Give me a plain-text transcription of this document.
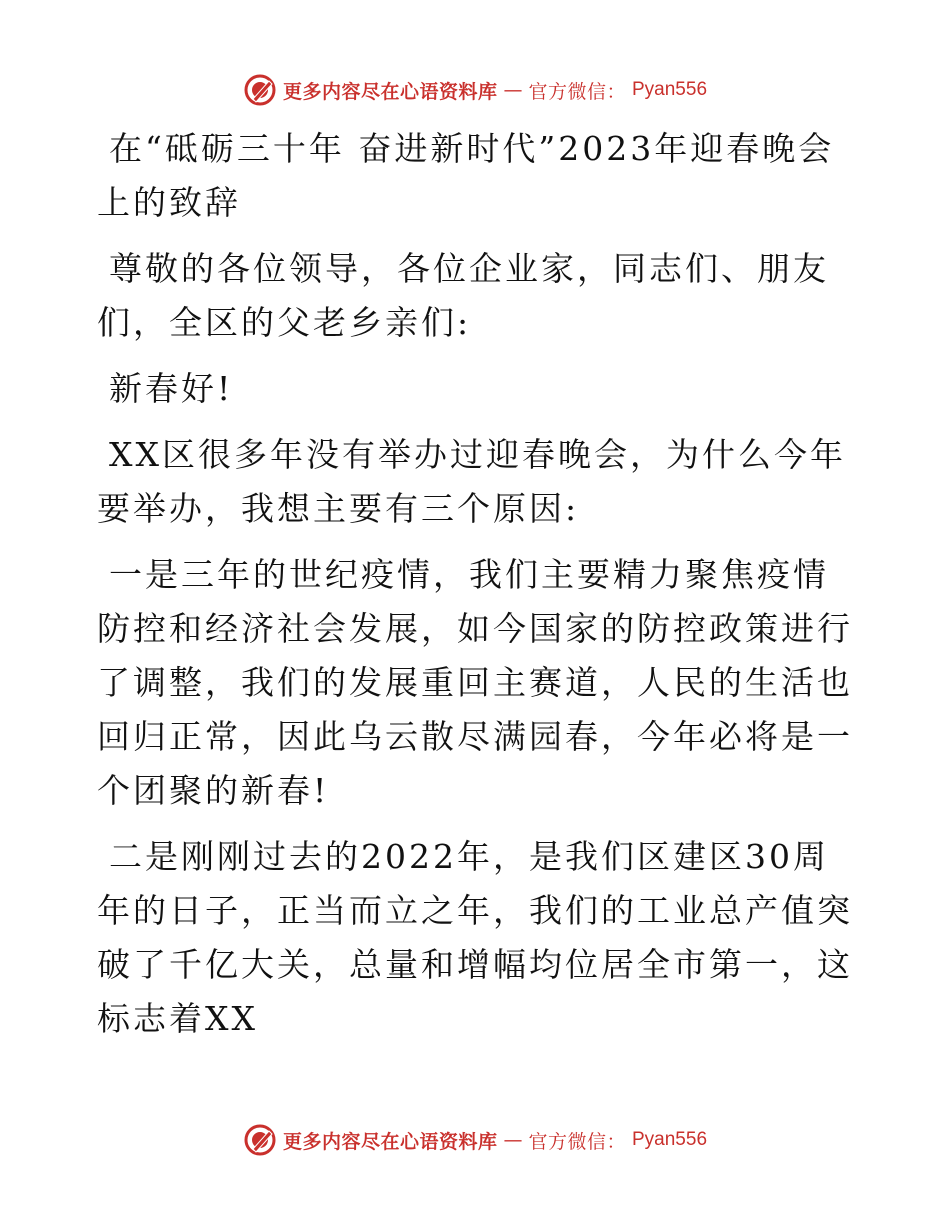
更多内容尽在心语资料库 — 官方微信： Pyan556

在“砥砺三十年 奋进新时代”2023年迎春晚会上的致辞

尊敬的各位领导，各位企业家，同志们、朋友们，全区的父老乡亲们:

新春好!

XX区很多年没有举办过迎春晚会，为什么今年要举办，我想主要有三个原因:

一是三年的世纪疫情，我们主要精力聚焦疫情防控和经济社会发展，如今国家的防控政策进行了调整，我们的发展重回主赛道，人民的生活也回归正常，因此乌云散尽满园春，今年必将是一个团聚的新春!

二是刚刚过去的2022年，是我们区建区30周年的日子，正当而立之年，我们的工业总产值突破了千亿大关，总量和增幅均位居全市第一，这标志着XX

更多内容尽在心语资料库 — 官方微信： Pyan556
